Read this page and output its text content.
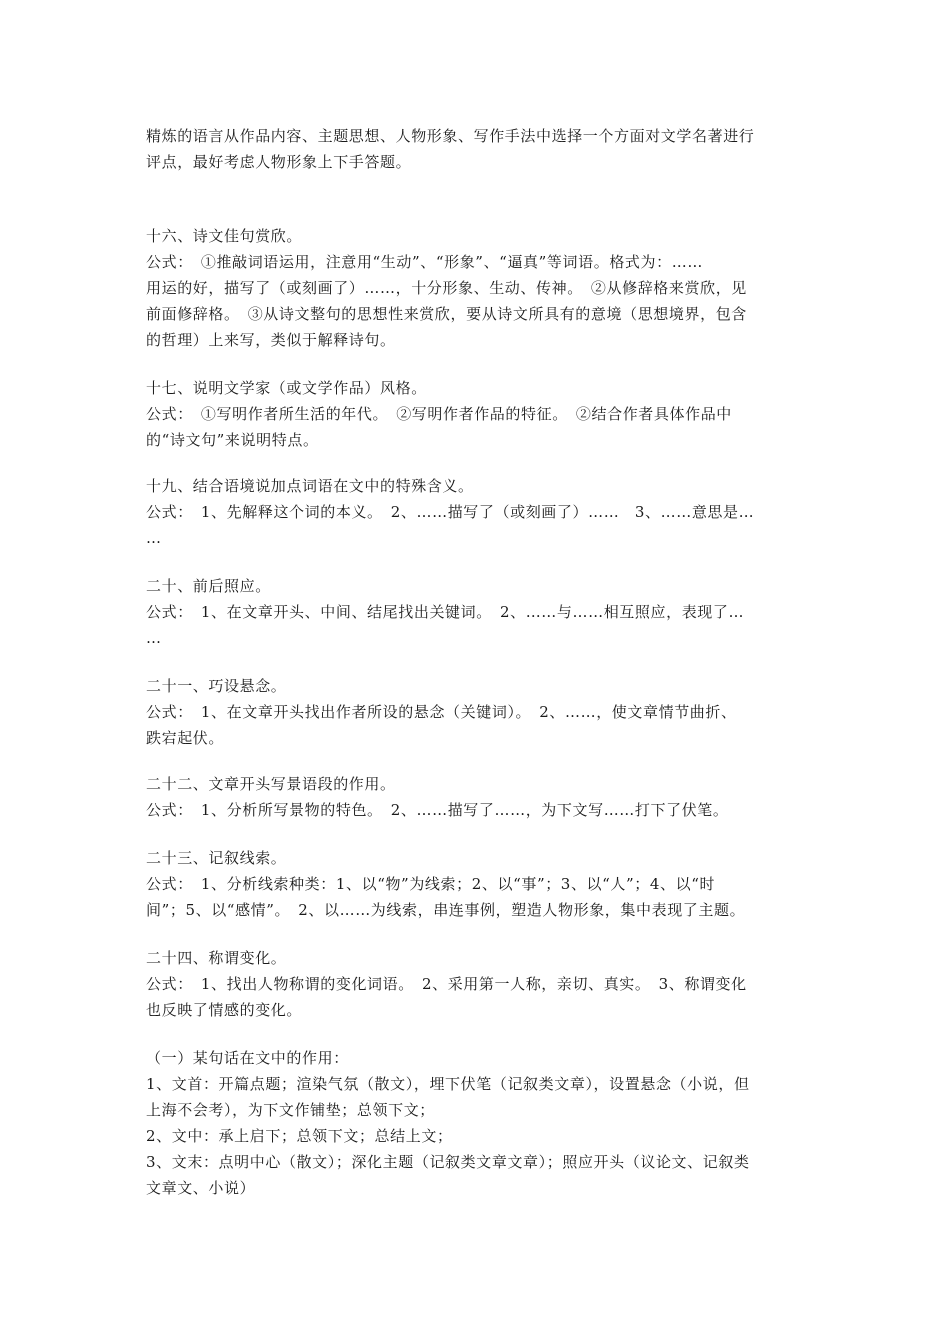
精炼的语言从作品内容、主题思想、人物形象、写作手法中选择一个方面对文学名著进行
评点，最好考虑人物形象上下手答题。
十六、诗文佳句赏欣。
公式：　①推敲词语运用，注意用“生动”、“形象”、“逼真”等词语。格式为：……
用运的好，描写了（或刻画了）……，十分形象、生动、传神。　②从修辞格来赏欣，见
前面修辞格。　③从诗文整句的思想性来赏欣，要从诗文所具有的意境（思想境界，包含
的哲理）上来写，类似于解释诗句。
十七、说明文学家（或文学作品）风格。
公式：　①写明作者所生活的年代。　②写明作者作品的特征。　②结合作者具体作品中
的“诗文句”来说明特点。
十九、结合语境说加点词语在文中的特殊含义。
公式：　1、先解释这个词的本义。　2、……描写了（或刻画了）……　3、……意思是…
…
二十、前后照应。
公式：　1、在文章开头、中间、结尾找出关键词。　2、……与……相互照应，表现了…
…
二十一、巧设悬念。
公式：　1、在文章开头找出作者所设的悬念（关键词）。　2、……，使文章情节曲折、
跌宕起伏。
二十二、文章开头写景语段的作用。
公式：　1、分析所写景物的特色。　2、……描写了……，为下文写……打下了伏笔。
二十三、记叙线索。
公式：　1、分析线索种类：1、以“物”为线索；2、以“事”；3、以“人”；4、以“时
间”；5、以“感情”。　2、以……为线索，串连事例，塑造人物形象，集中表现了主题。
二十四、称谓变化。
公式：　1、找出人物称谓的变化词语。　2、采用第一人称，亲切、真实。　3、称谓变化
也反映了情感的变化。
（一）某句话在文中的作用：
1、文首：开篇点题；渲染气氛（散文），埋下伏笔（记叙类文章），设置悬念（小说，但
上海不会考），为下文作铺垫；总领下文；
2、文中：承上启下；总领下文；总结上文；
3、文末：点明中心（散文）；深化主题（记叙类文章文章）；照应开头（议论文、记叙类
文章文、小说）
